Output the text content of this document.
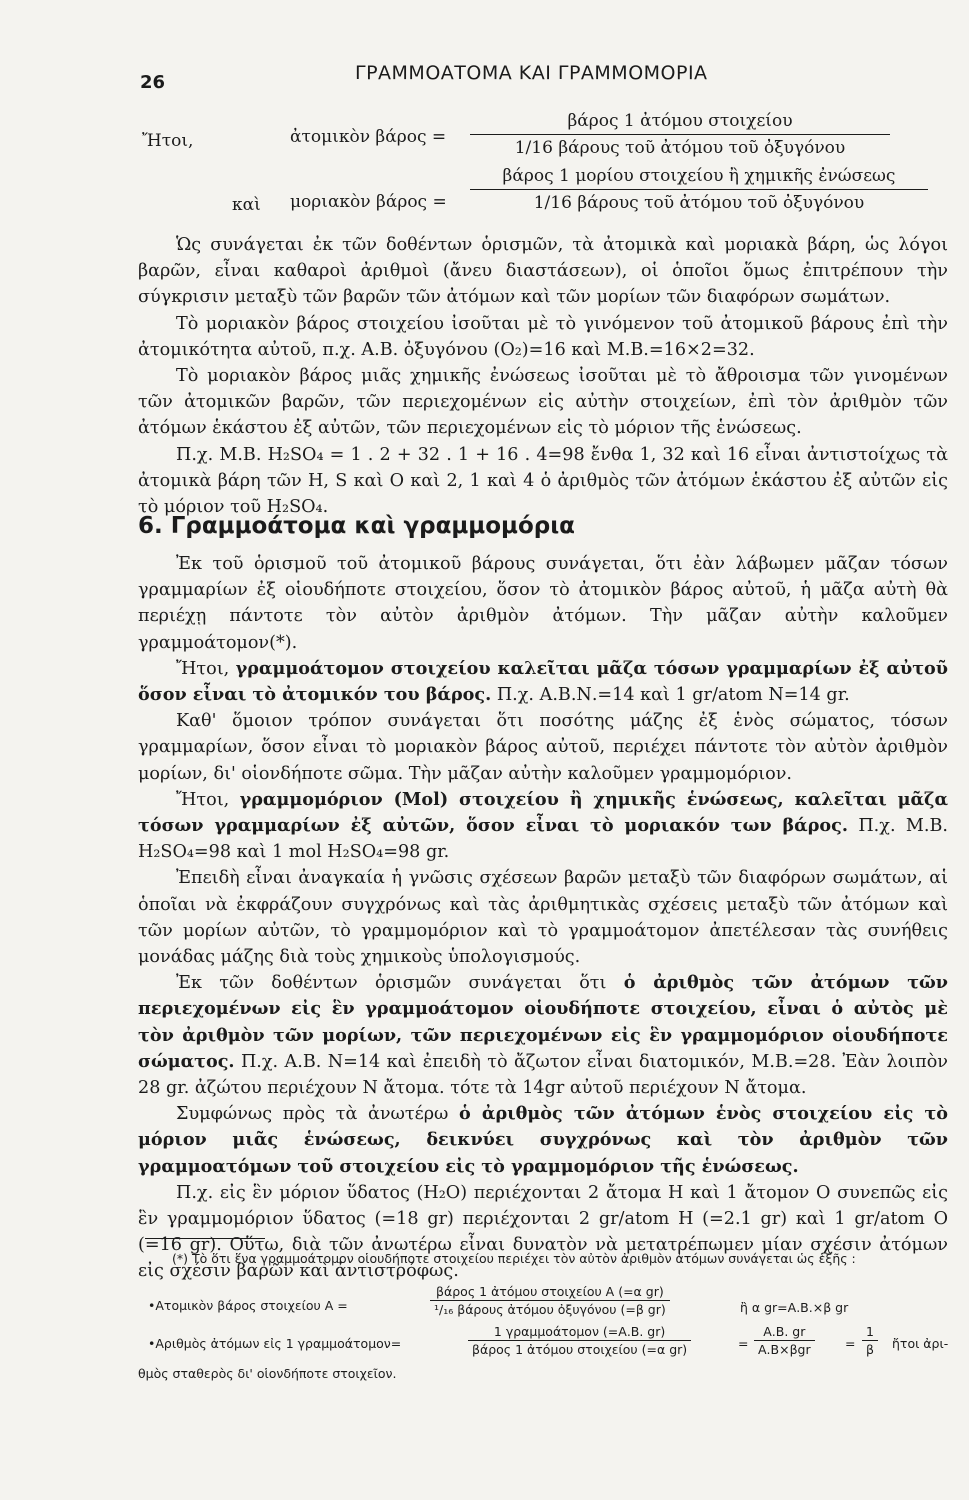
26	ΓΡΑΜΜΟΑΤΟΜΑ ΚΑΙ ΓΡΑΜΜΟΜΟΡΙΑ
Ἤτοι,	ἀτομικὸν βάρος =
βάρος 1 ἀτόμου στοιχείου
1/16 βάρους τοῦ ἀτόμου τοῦ ὀξυγόνου
καὶ μοριακὸν βάρος =
βάρος 1 μορίου στοιχείου ἢ χημικῆς ἐνώσεως
1/16 βάρους τοῦ ἀτόμου τοῦ ὀξυγόνου

Ὡς συνάγεται ἐκ τῶν δοθέντων ὁρισμῶν, τὰ ἀτομικὰ καὶ μοριακὰ βάρη, ὡς λόγοι βαρῶν, εἶναι καθαροὶ ἀριθμοὶ (ἄνευ διαστάσεων), οἱ ὁποῖοι ὅμως ἐπιτρέπουν τὴν σύγκρισιν μεταξὺ τῶν βαρῶν τῶν ἀτόμων καὶ τῶν μορίων τῶν διαφόρων σωμάτων.

Τὸ μοριακὸν βάρος στοιχείου ἰσοῦται μὲ τὸ γινόμενον τοῦ ἀτομικοῦ βάρους ἐπὶ τὴν ἀτομικότητα αὐτοῦ, π.χ. Α.Β. ὀξυγόνου (O₂)=16 καὶ Μ.Β.=16×2=32.

Τὸ μοριακὸν βάρος μιᾶς χημικῆς ἐνώσεως ἰσοῦται μὲ τὸ ἄθροισμα τῶν γινομένων τῶν ἀτομικῶν βαρῶν, τῶν περιεχομένων εἰς αὐτὴν στοιχείων, ἐπὶ τὸν ἀριθμὸν τῶν ἀτόμων ἑκάστου ἐξ αὐτῶν, τῶν περιεχομένων εἰς τὸ μόριον τῆς ἑνώσεως.

Π.χ. Μ.Β. H₂SO₄ = 1 . 2 + 32 . 1 + 16 . 4=98 ἔνθα 1, 32 καὶ 16 εἶναι ἀντιστοίχως τὰ ἀτομικὰ βάρη τῶν Η, S καὶ Ο καὶ 2, 1 καὶ 4 ὁ ἀριθμὸς τῶν ἀτόμων ἑκάστου ἐξ αὐτῶν εἰς τὸ μόριον τοῦ H₂SO₄.

6. Γραμμοάτομα καὶ γραμμομόρια

Ἐκ τοῦ ὁρισμοῦ τοῦ ἀτομικοῦ βάρους συνάγεται, ὅτι ἐὰν λάβωμεν μᾶζαν τόσων γραμμαρίων ἐξ οἱουδήποτε στοιχείου, ὅσον τὸ ἀτομικὸν βάρος αὐτοῦ, ἡ μᾶζα αὐτὴ θὰ περιέχῃ πάντοτε τὸν αὐτὸν ἀριθμὸν ἀτόμων. Τὴν μᾶζαν αὐτὴν καλοῦμεν γραμμοάτομον(*).

Ἤτοι, γραμμοάτομον στοιχείου καλεῖται μᾶζα τόσων γραμμαρίων ἐξ αὐτοῦ ὅσον εἶναι τὸ ἀτομικόν του βάρος. Π.χ. Α.Β.Ν.=14 καὶ 1 gr/atom N=14 gr.

Καθ' ὅμοιον τρόπον συνάγεται ὅτι ποσότης μάζης ἐξ ἑνὸς σώματος, τόσων γραμμαρίων, ὅσον εἶναι τὸ μοριακὸν βάρος αὐτοῦ, περιέχει πάντοτε τὸν αὐτὸν ἀριθμὸν μορίων, δι' οἱονδήποτε σῶμα. Τὴν μᾶζαν αὐτὴν καλοῦμεν γραμμομόριον.

Ἤτοι, γραμμομόριον (Mol) στοιχείου ἢ χημικῆς ἑνώσεως, καλεῖται μᾶζα τόσων γραμμαρίων ἐξ αὐτῶν, ὅσον εἶναι τὸ μοριακόν των βάρος. Π.χ. Μ.Β. H₂SO₄=98 καὶ 1 mol H₂SO₄=98 gr.

Ἐπειδὴ εἶναι ἀναγκαία ἡ γνῶσις σχέσεων βαρῶν μεταξὺ τῶν διαφόρων σωμάτων, αἱ ὁποῖαι νὰ ἐκφράζουν συγχρόνως καὶ τὰς ἀριθμητικὰς σχέσεις μεταξὺ τῶν ἀτόμων καὶ τῶν μορίων αὐτῶν, τὸ γραμμομόριον καὶ τὸ γραμμοάτομον ἀπετέλεσαν τὰς συνήθεις μονάδας μάζης διὰ τοὺς χημικοὺς ὑπολογισμούς.

Ἐκ τῶν δοθέντων ὁρισμῶν συνάγεται ὅτι ὁ ἀριθμὸς τῶν ἀτόμων τῶν περιεχομένων εἰς ἓν γραμμοάτομον οἱουδήποτε στοιχείου, εἶναι ὁ αὐτὸς μὲ τὸν ἀριθμὸν τῶν μορίων, τῶν περιεχομένων εἰς ἓν γραμμομόριον οἱουδήποτε σώματος. Π.χ. Α.Β. N=14 καὶ ἐπειδὴ τὸ ἄζωτον εἶναι διατομικόν, Μ.Β.=28. Ἐὰν λοιπὸν 28 gr. ἀζώτου περιέχουν N ἄτομα. τότε τὰ 14gr αὐτοῦ περιέχουν N ἄτομα.

Συμφώνως πρὸς τὰ ἀνωτέρω ὁ ἀριθμὸς τῶν ἀτόμων ἑνὸς στοιχείου εἰς τὸ μόριον μιᾶς ἑνώσεως, δεικνύει συγχρόνως καὶ τὸν ἀριθμὸν τῶν γραμμοατόμων τοῦ στοιχείου εἰς τὸ γραμμομόριον τῆς ἑνώσεως.

Π.χ. εἰς ἓν μόριον ὕδατος (H₂O) περιέχονται 2 ἄτομα Η καὶ 1 ἄτομον Ο συνεπῶς εἰς ἓν γραμμομόριον ὕδατος (=18 gr) περιέχονται 2 gr/atom H (=2.1 gr) καὶ 1 gr/atom O (=16 gr). Οὕτω, διὰ τῶν ἀνωτέρω εἶναι δυνατὸν νὰ μετατρέπωμεν μίαν σχέσιν ἀτόμων εἰς σχέσιν βαρῶν καὶ ἀντιστρόφως.

(*) Τὸ ὅτι ἕνα γραμμοάτομον οἱουδήποτε στοιχείου περιέχει τὸν αὐτὸν ἀριθμὸν ἀτόμων συνάγεται ὡς ἑξῆς :

•Ατομικὸν βάρος στοιχείου Α =	$\frac{\text{βάρος 1 ἀτόμου στοιχείου Α (=α gr)}}{\text{¹/₁₆ βάρους ἀτόμου ὀξυγόνου (=β gr)}}$	ἢ α gr=Α.Β.×β gr
•Αριθμὸς ἀτόμων εἰς 1 γραμμοάτομον=	$\frac{\text{1 γραμμοάτομον (=Α.Β. gr)}}{\text{βάρος 1 ἀτόμου στοιχείου (=α gr)}}$	= $\frac{A.B. gr}{\text{Α.Β×βgr}} = \frac{1}{\beta}$ ἤτοι ἀρι-
θμὸς σταθερὸς δι' οἱονδήποτε στοιχεῖον.
